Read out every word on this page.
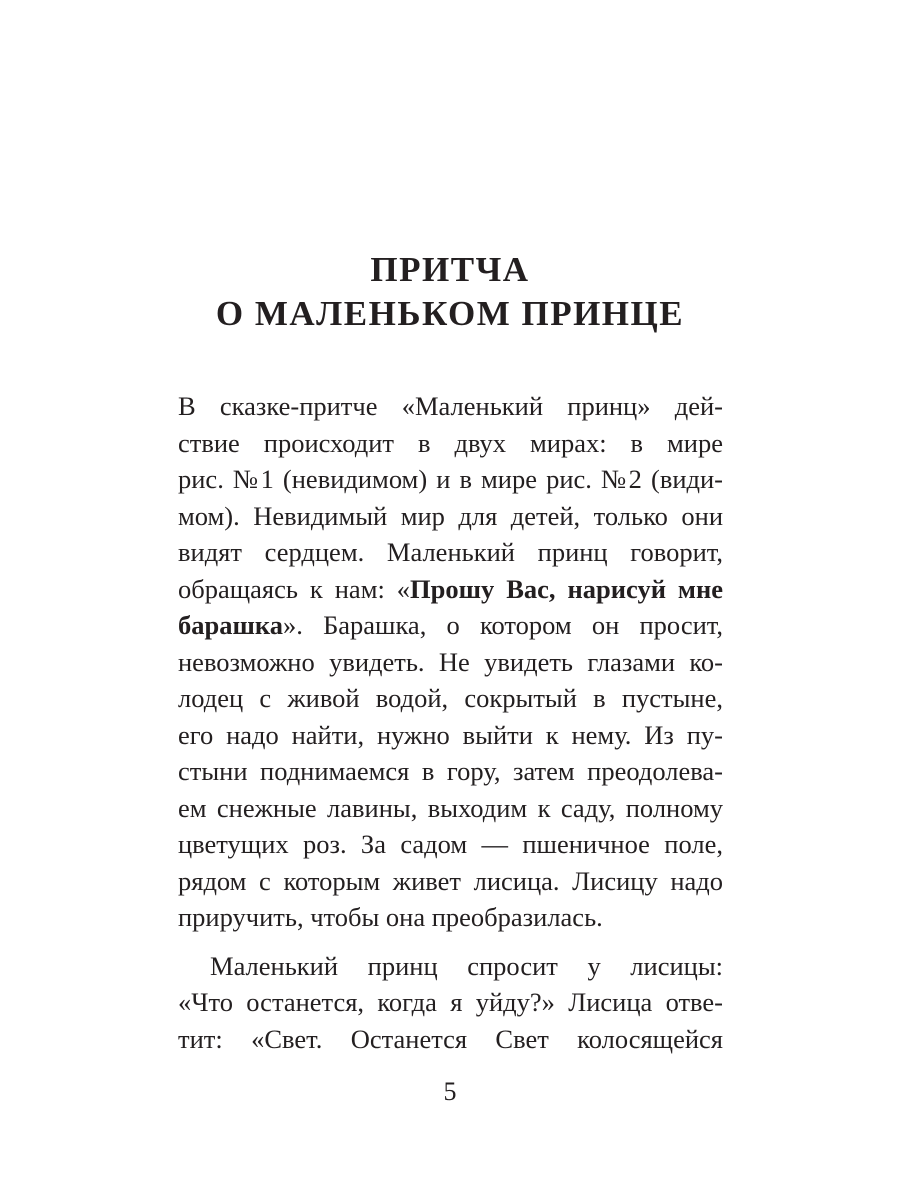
ПРИТЧА
О МАЛЕНЬКОМ ПРИНЦЕ
В сказке-притче «Маленький принц» дей-
ствие происходит в двух мирах: в мире
рис. №1 (невидимом) и в мире рис. №2 (види-
мом). Невидимый мир для детей, только они
видят сердцем. Маленький принц говорит,
обращаясь к нам: «Прошу Вас, нарисуй мне
барашка». Барашка, о котором он просит,
невозможно увидеть. Не увидеть глазами ко-
лодец с живой водой, сокрытый в пустыне,
его надо найти, нужно выйти к нему. Из пу-
стыни поднимаемся в гору, затем преодолева-
ем снежные лавины, выходим к саду, полному
цветущих роз. За садом — пшеничное поле,
рядом с которым живет лисица. Лисицу надо
приручить, чтобы она преобразилась.
Маленький принц спросит у лисицы:
«Что останется, когда я уйду?» Лисица отве-
тит: «Свет. Останется Свет колосящейся
5
